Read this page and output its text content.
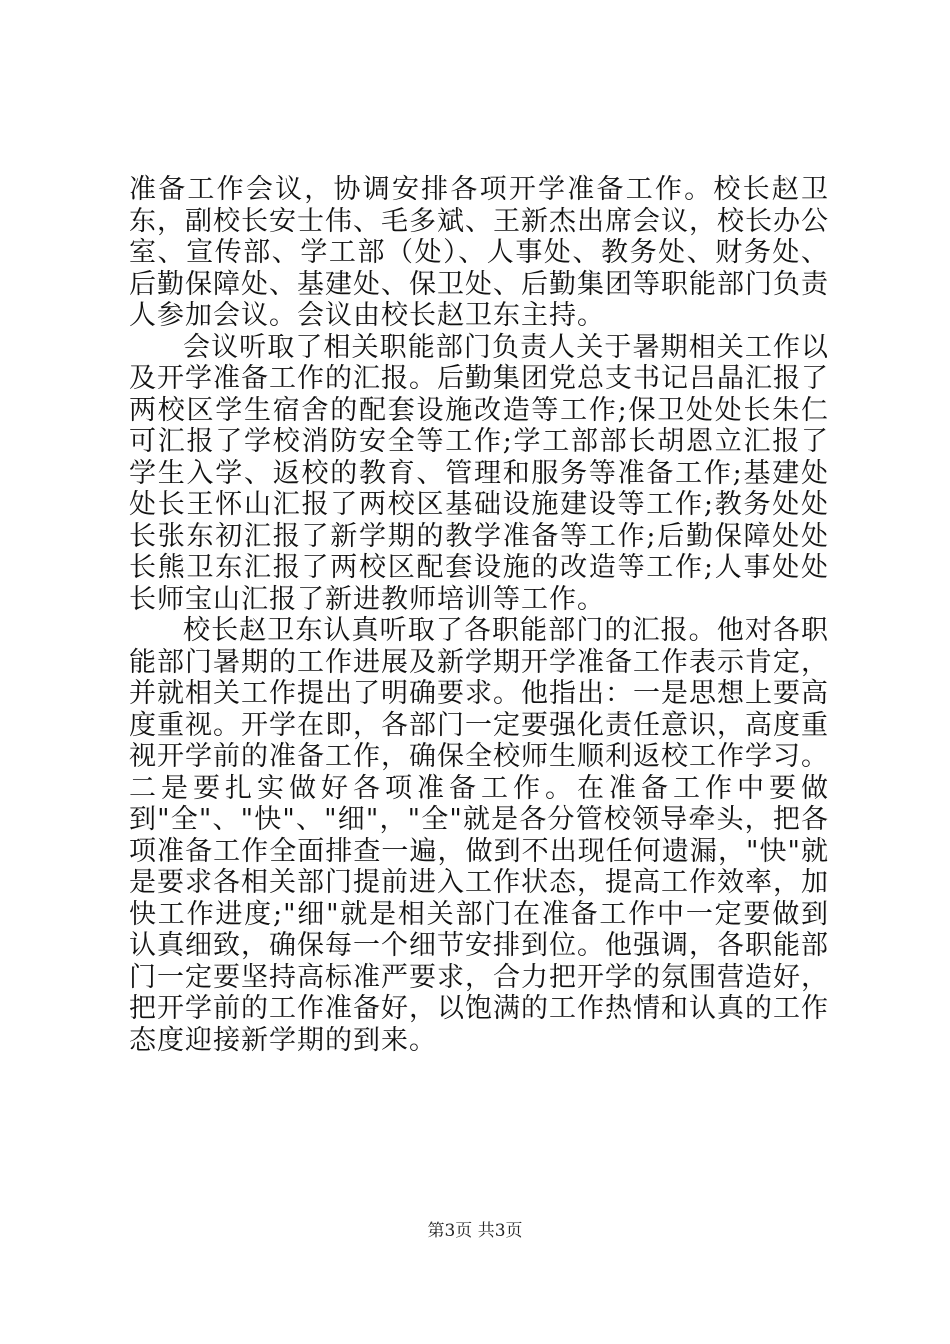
准备工作会议，协调安排各项开学准备工作。校长赵卫东，副校长安士伟、毛多斌、王新杰出席会议，校长办公室、宣传部、学工部（处）、人事处、教务处、财务处、后勤保障处、基建处、保卫处、后勤集团等职能部门负责人参加会议。会议由校长赵卫东主持。

会议听取了相关职能部门负责人关于暑期相关工作以及开学准备工作的汇报。后勤集团党总支书记吕晶汇报了两校区学生宿舍的配套设施改造等工作;保卫处处长朱仁可汇报了学校消防安全等工作;学工部部长胡恩立汇报了学生入学、返校的教育、管理和服务等准备工作;基建处处长王怀山汇报了两校区基础设施建设等工作;教务处处长张东初汇报了新学期的教学准备等工作;后勤保障处处长熊卫东汇报了两校区配套设施的改造等工作;人事处处长师宝山汇报了新进教师培训等工作。

校长赵卫东认真听取了各职能部门的汇报。他对各职能部门暑期的工作进展及新学期开学准备工作表示肯定，并就相关工作提出了明确要求。他指出：一是思想上要高度重视。开学在即，各部门一定要强化责任意识，高度重视开学前的准备工作，确保全校师生顺利返校工作学习。二是要扎实做好各项准备工作。在准备工作中要做到"全"、"快"、"细"，"全"就是各分管校领导牵头，把各项准备工作全面排查一遍，做到不出现任何遗漏，"快"就是要求各相关部门提前进入工作状态，提高工作效率，加快工作进度;"细"就是相关部门在准备工作中一定要做到认真细致，确保每一个细节安排到位。他强调，各职能部门一定要坚持高标准严要求，合力把开学的氛围营造好，把开学前的工作准备好，以饱满的工作热情和认真的工作态度迎接新学期的到来。

第3页 共3页
